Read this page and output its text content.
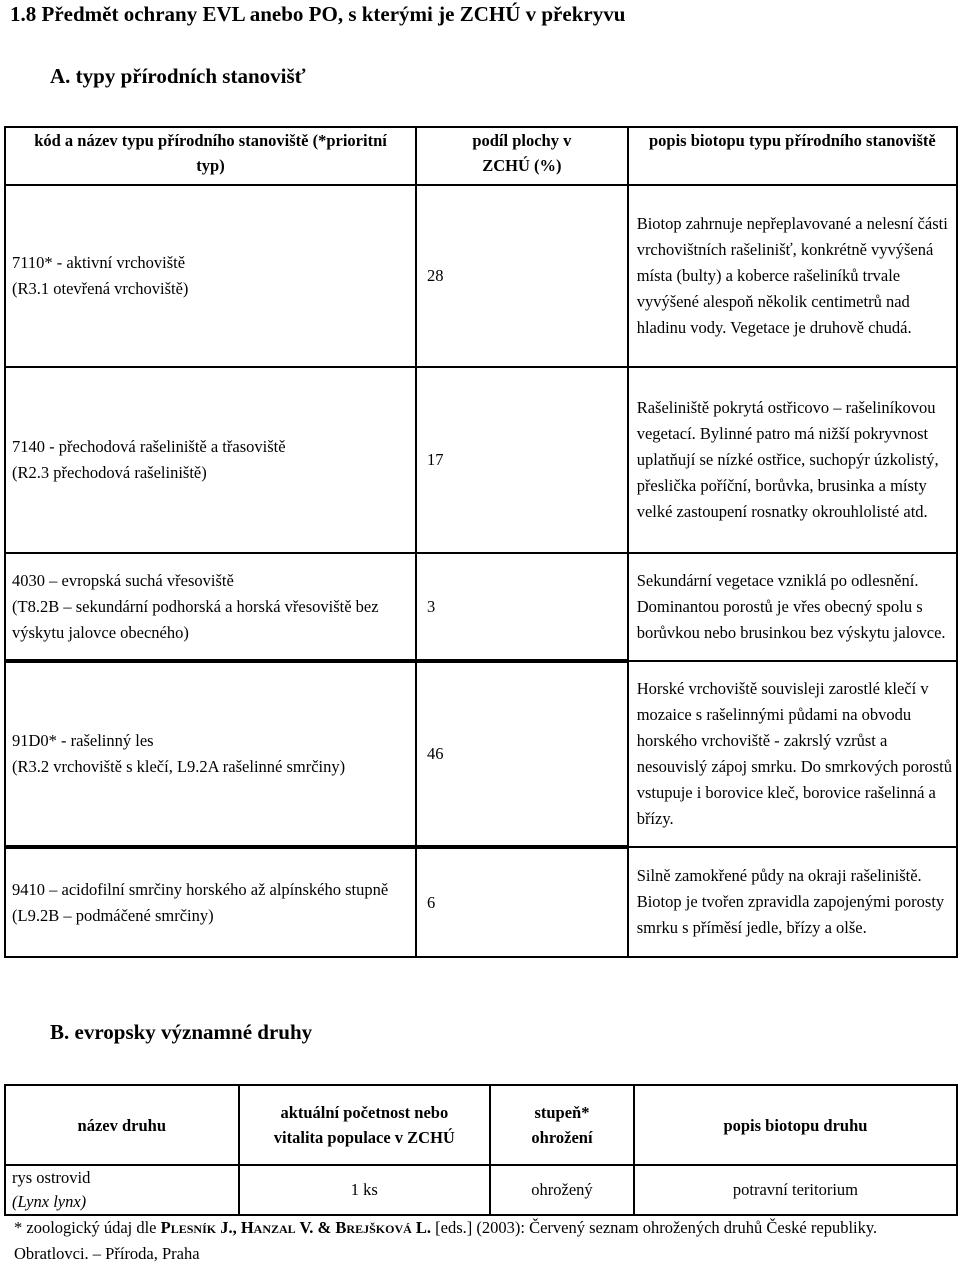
1.8 Předmět ochrany EVL anebo PO, s kterými je ZCHÚ v překryvu
A. typy přírodních stanovišť
kód a název typu přírodního stanoviště (*prioritní typ)	podíl plochy v ZCHÚ (%)	popis biotopu typu přírodního stanoviště

7110* - aktivní vrchoviště
(R3.1 otevřená vrchoviště)	28	Biotop zahrnuje nepřeplavované a nelesní části vrchovištních rašelinišť, konkrétně vyvýšená místa (bulty) a koberce rašeliníků trvale vyvýšené alespoň několik centimetrů nad hladinu vody. Vegetace je druhově chudá.

7140 - přechodová rašeliniště a třasoviště
(R2.3 přechodová rašeliniště)	17	Rašeliniště pokrytá ostřicovo – rašeliníkovou vegetací. Bylinné patro má nižší pokryvnost uplatňují se nízké ostřice, suchopýr úzkolistý, přeslička poříční, borůvka, brusinka a místy velké zastoupení rosnatky okrouhlolisté atd.

4030 – evropská suchá vřesoviště
(T8.2B – sekundární podhorská a horská vřesoviště bez výskytu jalovce obecného)	3	Sekundární vegetace vzniklá po odlesnění. Dominantou porostů je vřes obecný spolu s borůvkou nebo brusinkou bez výskytu jalovce.

91D0* - rašelinný les
(R3.2 vrchoviště s klečí, L9.2A rašelinné smrčiny)	46	Horské vrchoviště souvisleji zarostlé klečí v mozaice s rašelinnými půdami na obvodu horského vrchoviště - zakrslý vzrůst a nesouvislý zápoj smrku. Do smrkových porostů vstupuje i borovice kleč, borovice rašelinná a břízy.

9410 – acidofilní smrčiny horského až alpínského stupně
(L9.2B – podmáčené smrčiny)	6	Silně zamokřené půdy na okraji rašeliniště. Biotop je tvořen zpravidla zapojenými porosty smrku s příměsí jedle, břízy a olše.
B. evropsky významné druhy
název druhu	aktuální početnost nebo vitalita populace v ZCHÚ	stupeň* ohrožení	popis biotopu druhu

rys ostrovid
(Lynx lynx)	1 ks	ohrožený	potravní teritorium
* zoologický údaj dle Plesník J., Hanzal V. & Brejšková L. [eds.] (2003): Červený seznam ohrožených druhů České republiky. Obratlovci. – Příroda, Praha
